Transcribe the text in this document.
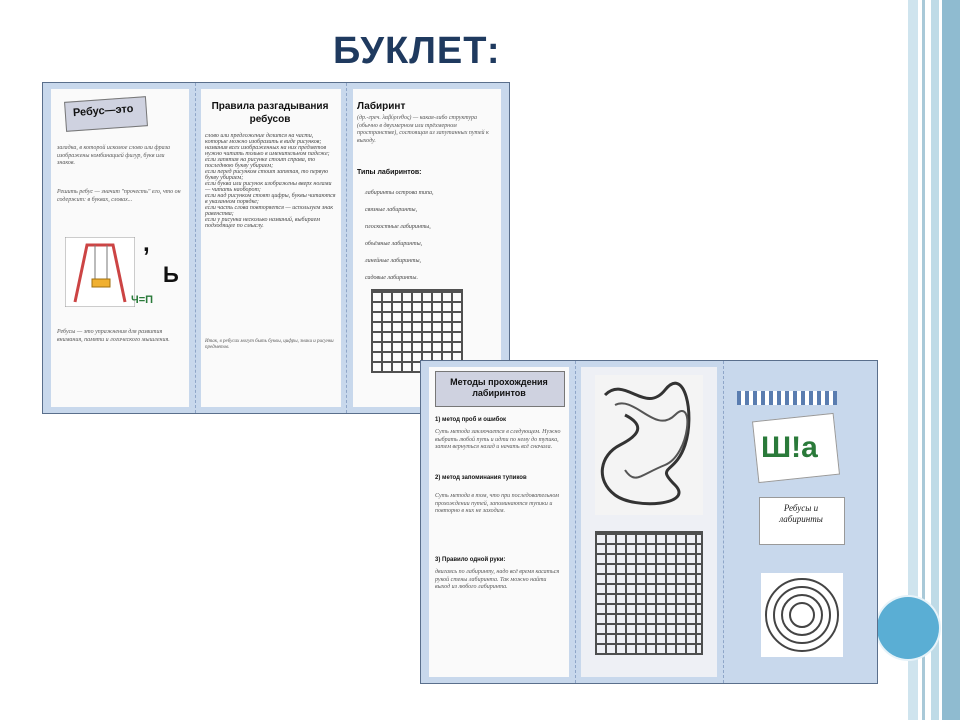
БУКЛЕТ:
Ребус—это
загадка, в которой искомое слово или фраза изображены комбинацией фигур, букв или знаков.
Решить ребус — значит "прочесть" его, что он содержит: в буквах, словах...
,
Ь
Ч=П
Ребусы — это упражнения для развития внимания, памяти и логического мышления.
Правила разгадывания ребусов
слово или предложение делится на части, которые можно изобразить в виде рисунков;
названия всех изображенных на них предметов нужно читать только в именительном падеже;
если запятая на рисунке стоит справа, то последнюю букву убираем;
если перед рисунком стоит запятая, то первую букву убираем;
если буква или рисунок изображены вверх ногами — читать наоборот;
если над рисунком стоят цифры, буквы читаются в указанном порядке;
если часть слова повторяется — используем знак равенства;
если у рисунка несколько названий, выбираем подходящее по смыслу.
Итак, в ребусах могут быть буквы, цифры, знаки и рисунки предметов.
Лабиринт
(др.-греч. λαβύρινθος) — какая-либо структура (обычно в двухмерном или трёхмерном пространстве), состоящая из запутанных путей к выходу.
Типы лабиринтов:
лабиринты острова типа,
связные лабиринты,
плоскостные лабиринты,
объёмные лабиринты,
линейные лабиринты,
садовые лабиринты.
Методы прохождения лабиринтов
1) метод проб и ошибок
Суть метода заключается в следующем. Нужно выбрать любой путь и идти по нему до тупика, затем вернуться назад и начать всё сначала.
2) метод запоминания тупиков
Суть метода в том, что при последовательном прохождении путей, запоминаются тупики и повторно в них не заходим.
3) Правило одной руки:
двигаясь по лабиринту, надо всё время касаться рукой стены лабиринта. Так можно найти выход из любого лабиринта.
Ш!а
Ребусы и лабиринты
